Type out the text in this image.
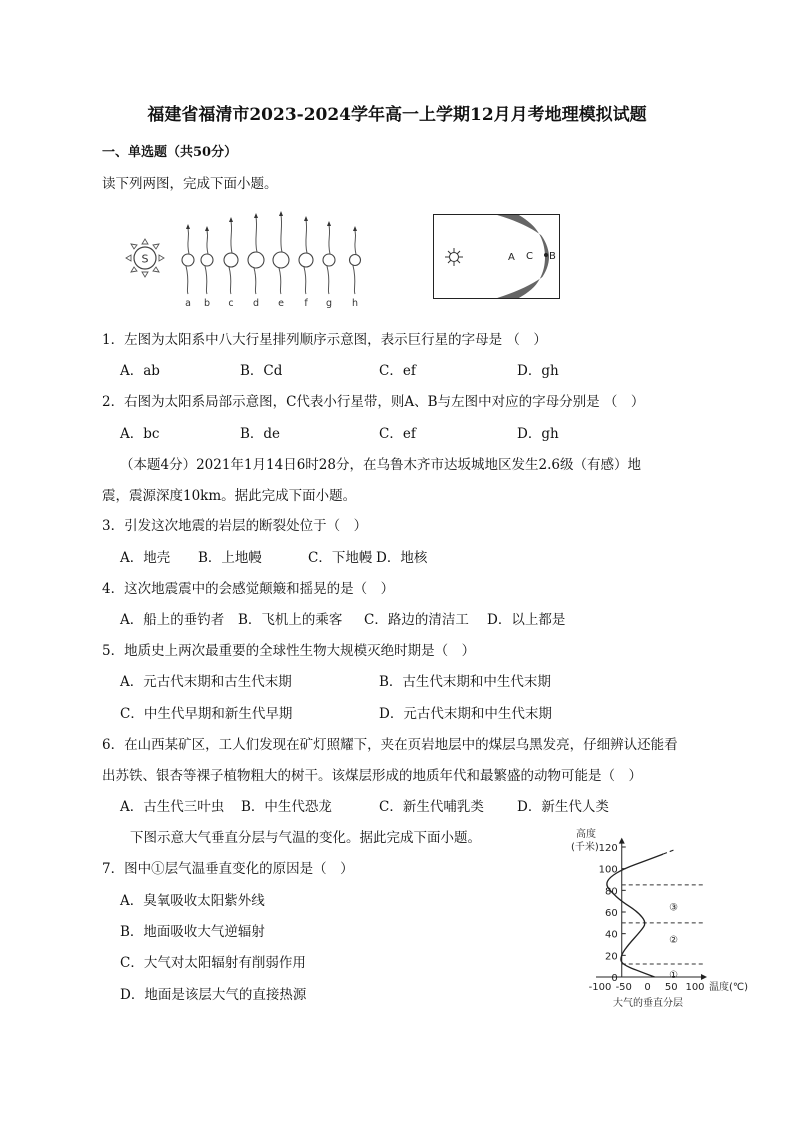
福建省福清市2023-2024学年高一上学期12月月考地理模拟试题
一、单选题（共50分）
读下列两图，完成下面小题。
S
a b c d e f g h
A C B
1．左图为太阳系中八大行星排列顺序示意图，表示巨行星的字母是 （　）
A．ab	B．Cd	C．ef	D．gh
2．右图为太阳系局部示意图，C代表小行星带，则A、B与左图中对应的字母分别是 （　）
A．bc	B．de	C．ef	D．gh
（本题4分）2021年1月14日6时28分，在乌鲁木齐市达坂城地区发生2.6级（有感）地
震，震源深度10km。据此完成下面小题。
3．引发这次地震的岩层的断裂处位于（　）
A．地壳 B．上地幔	C．下地幔 D．地核
4．这次地震震中的会感觉颠簸和摇晃的是（　）
A．船上的垂钓者 B．飞机上的乘客 C．路边的清洁工 D．以上都是
5．地质史上两次最重要的全球性生物大规模灭绝时期是（　）
A．元古代末期和古生代末期	B．古生代末期和中生代末期
C．中生代早期和新生代早期	D．元古代末期和中生代末期
6．在山西某矿区，工人们发现在矿灯照耀下，夹在页岩地层中的煤层乌黑发亮，仔细辨认还能看
出苏铁、银杏等裸子植物粗大的树干。该煤层形成的地质年代和最繁盛的动物可能是（　）
A．古生代三叶虫 B．中生代恐龙	C．新生代哺乳类 D．新生代人类
下图示意大气垂直分层与气温的变化。据此完成下面小题。
7．图中①层气温垂直变化的原因是（　）
A．臭氧吸收太阳紫外线
B．地面吸收大气逆辐射
C．大气对太阳辐射有削弱作用
D．地面是该层大气的直接热源
高度
(千米)
0
20
40
60
80
100
120
-100 -50 0 50 100
①
②
③
温度(℃)
大气的垂直分层
